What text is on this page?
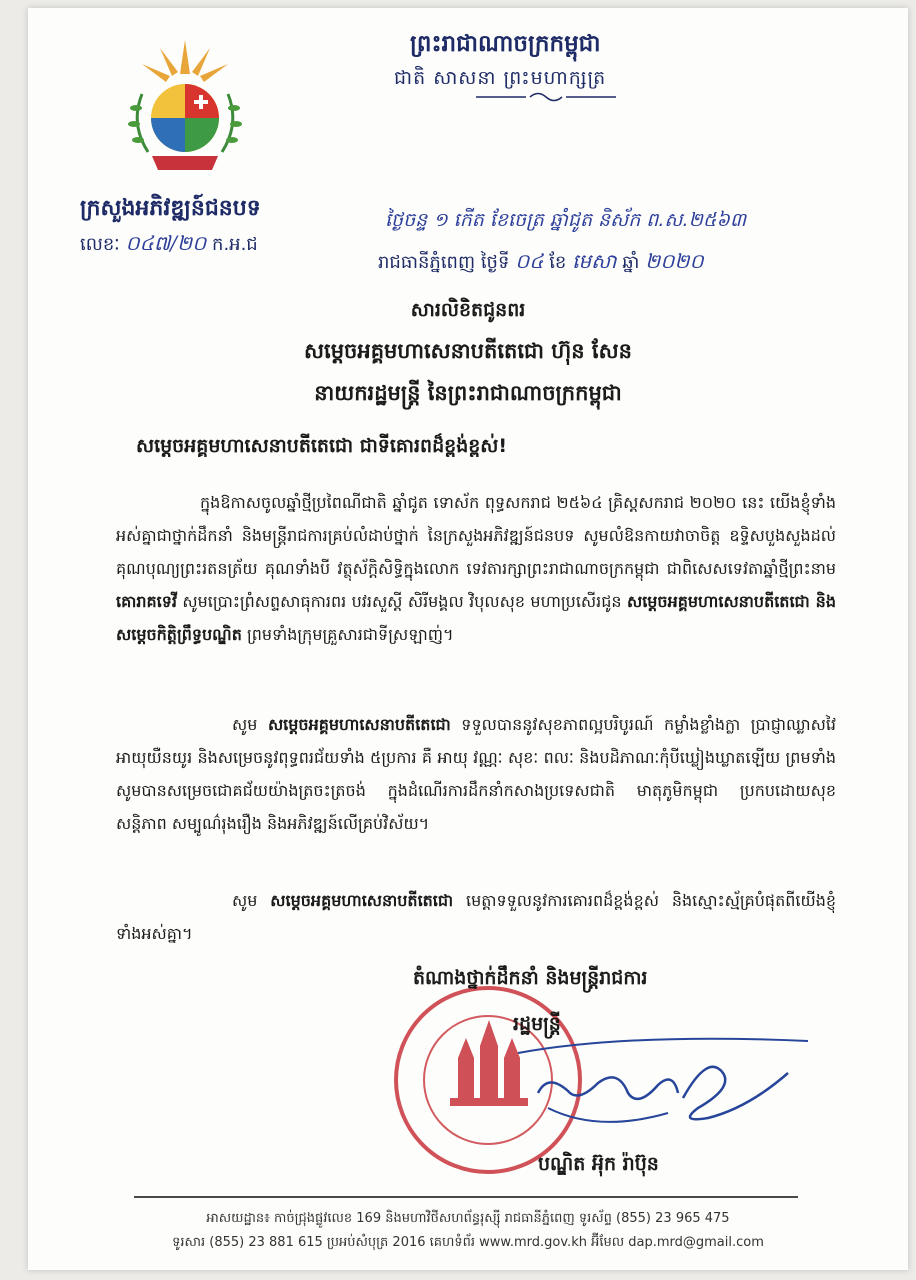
ព្រះរាជាណាចក្រកម្ពុជា
ជាតិ សាសនា ព្រះមហាក្សត្រ
ក្រសួងអភិវឌ្ឍន៍ជនបទ
លេខៈ ០៤៧/២០ ក.អ.ជ
ថ្ងៃចន្ទ ១ កើត ខែចេត្រ ឆ្នាំជូត និស័ក ព.ស.២៥៦៣
រាជធានីភ្នំពេញ ថ្ងៃទី ០៤ ខែ មេសា ឆ្នាំ ២០២០
សារលិខិតជូនពរ
សម្ដេចអគ្គមហាសេនាបតីតេជោ ហ៊ុន សែន
នាយករដ្ឋមន្ត្រី នៃព្រះរាជាណាចក្រកម្ពុជា
សម្ដេចអគ្គមហាសេនាបតីតេជោ ជាទីគោរពដ៏ខ្ពង់ខ្ពស់!
ក្នុងឱកាសចូលឆ្នាំថ្មីប្រពៃណីជាតិ ឆ្នាំជូត ទោស័ក ពុទ្ធសករាជ ២៥៦៤ គ្រិស្តសករាជ ២០២០ នេះ យើងខ្ញុំទាំងអស់គ្នាជាថ្នាក់ដឹកនាំ និងមន្ត្រីរាជការគ្រប់លំដាប់ថ្នាក់ នៃក្រសួងអភិវឌ្ឍន៍ជនបទ សូមលំឱនកាយវាចាចិត្ត ឧទ្ទិសបួងសួងដល់គុណបុណ្យព្រះរតនត្រ័យ គុណទាំងបី វត្ថុស័ក្តិសិទ្ធិក្នុងលោក ទេវតារក្សាព្រះរាជាណាចក្រកម្ពុជា ជាពិសេសទេវតាឆ្នាំថ្មីព្រះនាម គោរាគទេវី សូមប្រោះព្រំសព្ទសាធុការពរ បវរសួស្តី សិរីមង្គល វិបុលសុខ មហាប្រសើរជូន សម្ដេចអគ្គមហាសេនាបតីតេជោ និងសម្ដេចកិត្តិព្រឹទ្ធបណ្ឌិត ព្រមទាំងក្រុមគ្រួសារជាទីស្រឡាញ់។
សូម សម្ដេចអគ្គមហាសេនាបតីតេជោ ទទួលបាននូវសុខភាពល្អបរិបូរណ៍ កម្លាំងខ្លាំងក្លា ប្រាជ្ញាឈ្លាសវៃ អាយុយឺនយូរ និងសម្រេចនូវពុទ្ធពរជ័យទាំង ៥ប្រការ គឺ អាយុ វណ្ណៈ សុខៈ ពលៈ និងបដិភាណៈកុំបីឃ្លៀងឃ្លាតឡើយ ព្រមទាំងសូមបានសម្រេចជោគជ័យយ៉ាងត្រចះត្រចង់ ក្នុងដំណើរការដឹកនាំកសាងប្រទេសជាតិ មាតុភូមិកម្ពុជា ប្រកបដោយសុខសន្តិភាព សម្បូណ៌រុងរឿង និងអភិវឌ្ឍន៍លើគ្រប់វិស័យ។
សូម សម្ដេចអគ្គមហាសេនាបតីតេជោ មេត្តាទទួលនូវការគោរពដ៏ខ្ពង់ខ្ពស់ និងស្មោះស្ម័គ្របំផុតពីយើងខ្ញុំទាំងអស់គ្នា។
តំណាងថ្នាក់ដឹកនាំ និងមន្ត្រីរាជការ
រដ្ឋមន្ត្រី
បណ្ឌិត អ៊ុក រ៉ាប៊ុន
អាសយដ្ឋាន៖ កាច់ជ្រុងផ្លូវលេខ 169 និងមហាវិថីសហព័ន្ធរុស្ស៊ី រាជធានីភ្នំពេញ ទូរស័ព្ទ (855) 23 965 475
ទូរសារ (855) 23 881 615 ប្រអប់សំបុត្រ 2016 គេហទំព័រ www.mrd.gov.kh អ៊ីមែល dap.mrd@gmail.com
